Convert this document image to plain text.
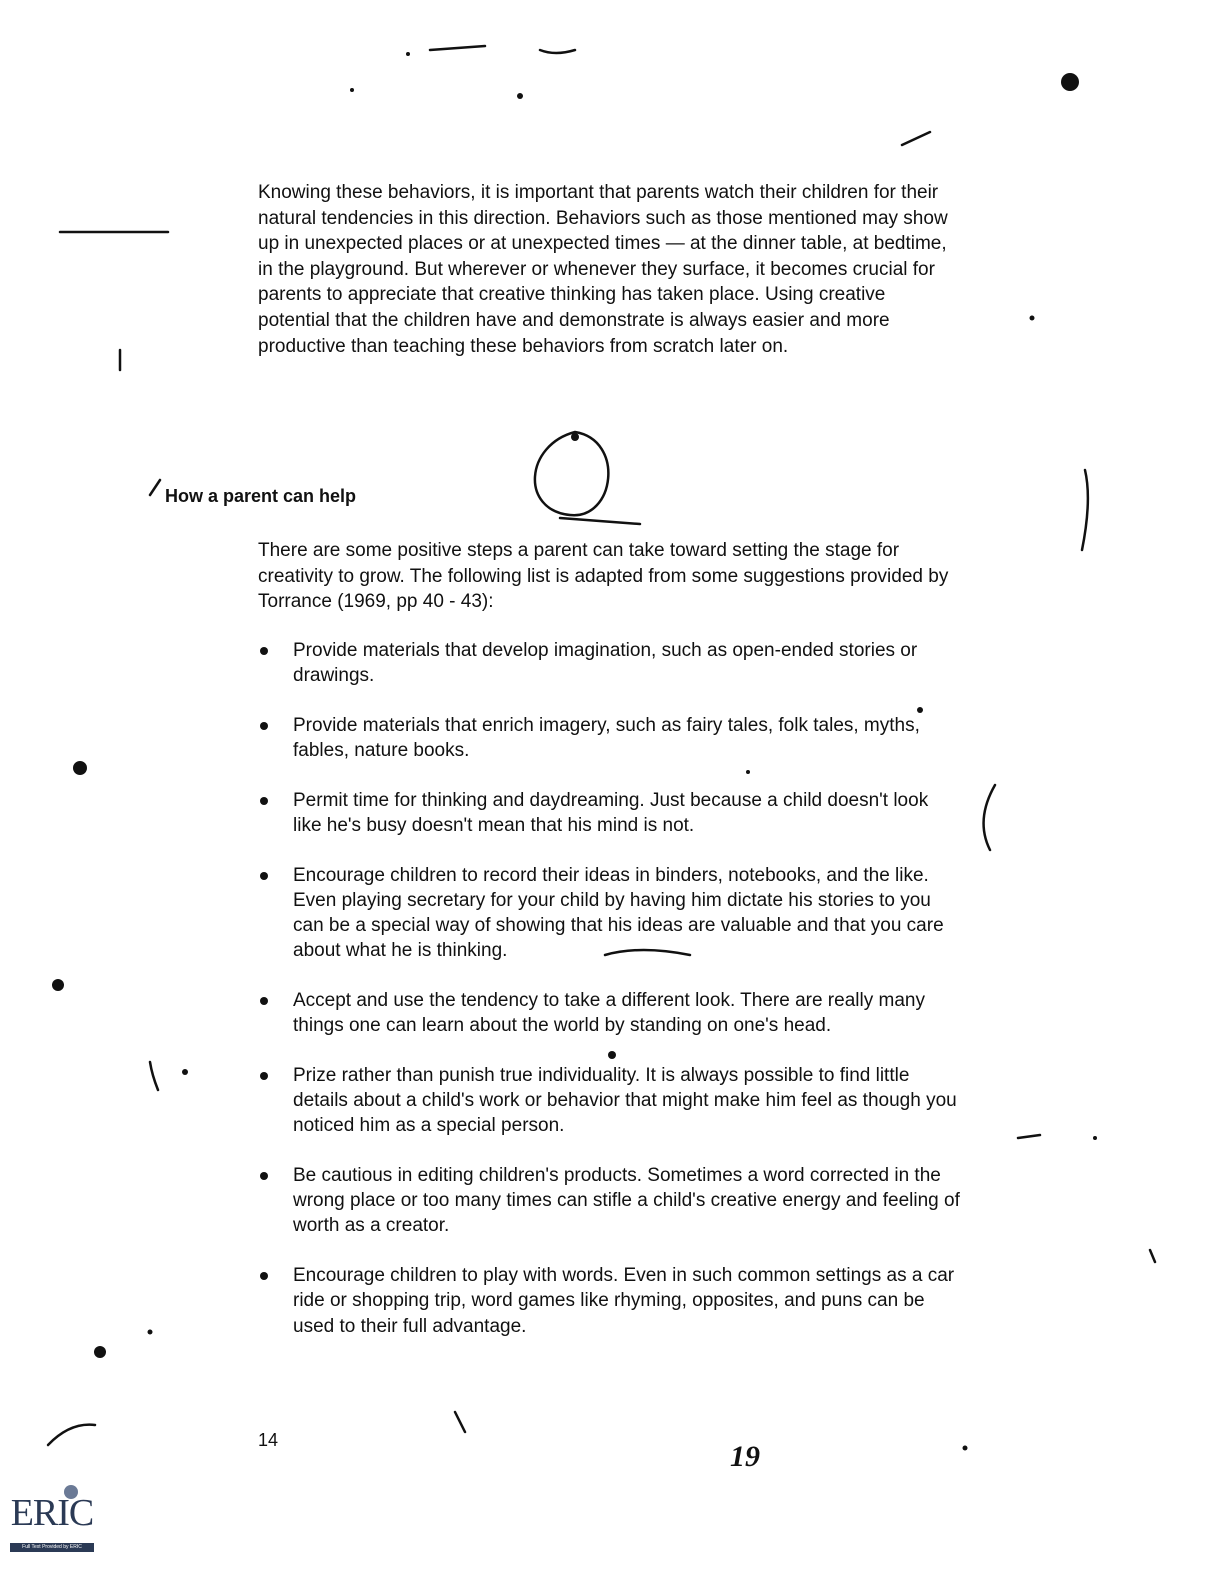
Knowing these behaviors, it is important that parents watch their children for their natural tendencies in this direction. Behaviors such as those mentioned may show up in unexpected places or at unexpected times — at the dinner table, at bedtime, in the playground. But wherever or whenever they surface, it becomes crucial for parents to appreciate that creative thinking has taken place. Using creative potential that the children have and demonstrate is always easier and more productive than teaching these behaviors from scratch later on.

How a parent can help

There are some positive steps a parent can take toward setting the stage for creativity to grow. The following list is adapted from some suggestions provided by Torrance (1969, pp 40 - 43):

Provide materials that develop imagination, such as open-ended stories or drawings.
Provide materials that enrich imagery, such as fairy tales, folk tales, myths, fables, nature books.
Permit time for thinking and daydreaming. Just because a child doesn't look like he's busy doesn't mean that his mind is not.
Encourage children to record their ideas in binders, notebooks, and the like. Even playing secretary for your child by having him dictate his stories to you can be a special way of showing that his ideas are valuable and that you care about what he is thinking.
Accept and use the tendency to take a different look. There are really many things one can learn about the world by standing on one's head.
Prize rather than punish true individuality. It is always possible to find little details about a child's work or behavior that might make him feel as though you noticed him as a special person.
Be cautious in editing children's products. Sometimes a word corrected in the wrong place or too many times can stifle a child's creative energy and feeling of worth as a creator.
Encourage children to play with words. Even in such common settings as a car ride or shopping trip, word games like rhyming, opposites, and puns can be used to their full advantage.
14	19
ERIC
Full Text Provided by ERIC
